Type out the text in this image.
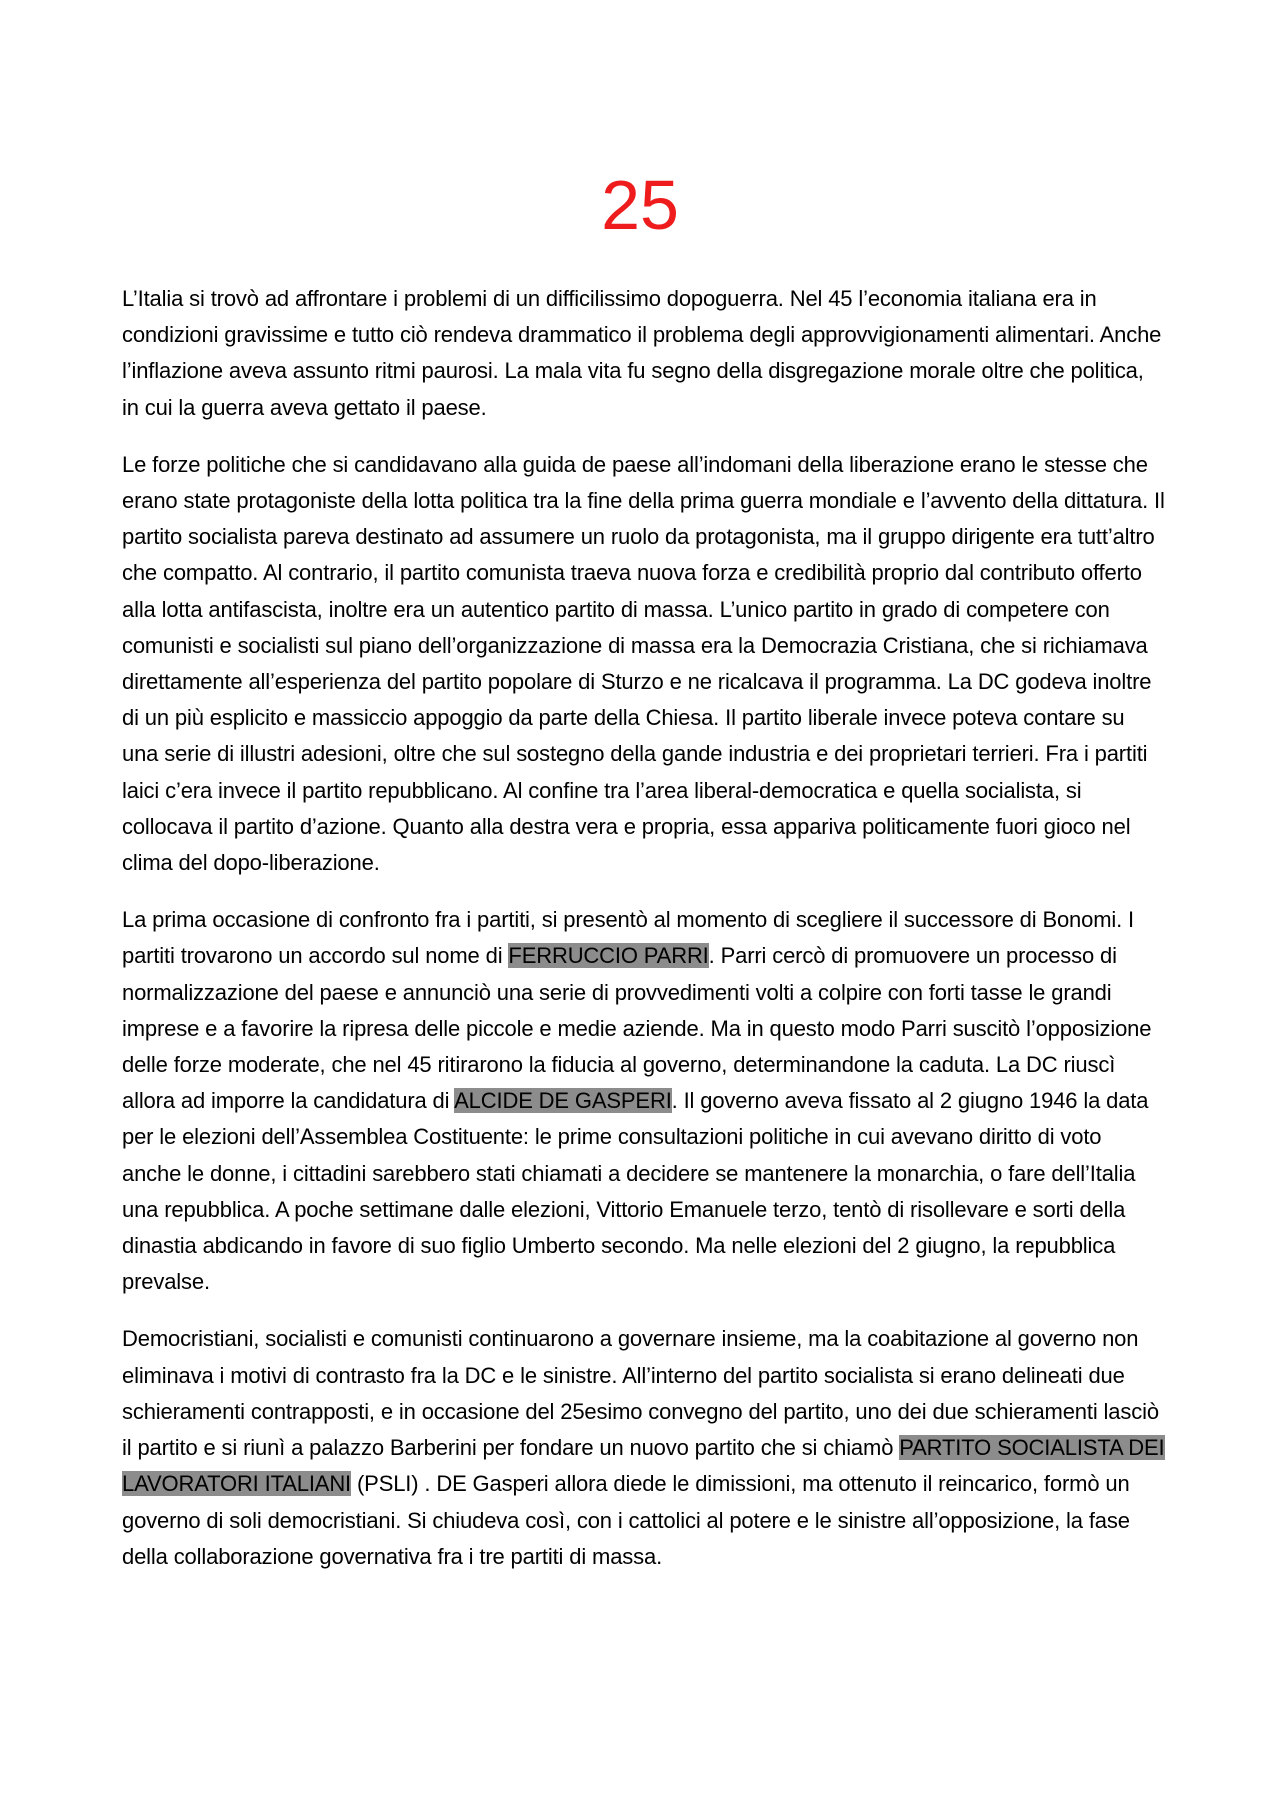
25

L’Italia si trovò ad affrontare i problemi di un difficilissimo dopoguerra. Nel 45 l’economia italiana era in condizioni gravissime e tutto ciò rendeva drammatico il problema degli approvvigionamenti alimentari. Anche l’inflazione aveva assunto ritmi paurosi. La mala vita fu segno della disgregazione morale oltre che politica, in cui la guerra aveva gettato il paese.

Le forze politiche che si candidavano alla guida de paese all’indomani della liberazione erano le stesse che erano state protagoniste della lotta politica tra la fine della prima guerra mondiale e l’avvento della dittatura. Il partito socialista pareva destinato ad assumere un ruolo da protagonista, ma il gruppo dirigente era tutt’altro che compatto. Al contrario, il partito comunista traeva nuova forza e credibilità proprio dal contributo offerto alla lotta antifascista, inoltre era un autentico partito di massa. L’unico partito in grado di competere con comunisti e socialisti sul piano dell’organizzazione di massa era la Democrazia Cristiana, che si richiamava direttamente all’esperienza del partito popolare di Sturzo e ne ricalcava il programma. La DC godeva inoltre di un più esplicito e massiccio appoggio da parte della Chiesa. Il partito liberale invece poteva contare su una serie di illustri adesioni, oltre che sul sostegno della gande industria e dei proprietari terrieri. Fra i partiti laici c’era invece il partito repubblicano. Al confine tra l’area liberal-democratica e quella socialista, si collocava il partito d’azione. Quanto alla destra vera e propria, essa appariva politicamente fuori gioco nel clima del dopo-liberazione.

La prima occasione di confronto fra i partiti, si presentò al momento di scegliere il successore di Bonomi. I partiti trovarono un accordo sul nome di FERRUCCIO PARRI. Parri cercò di promuovere un processo di normalizzazione del paese e annunciò una serie di provvedimenti volti a colpire con forti tasse le grandi imprese e a favorire la ripresa delle piccole e medie aziende. Ma in questo modo Parri suscitò l’opposizione delle forze moderate, che nel 45 ritirarono la fiducia al governo, determinandone la caduta. La DC riuscì allora ad imporre la candidatura di ALCIDE DE GASPERI. Il governo aveva fissato al 2 giugno 1946 la data per le elezioni dell’Assemblea Costituente: le prime consultazioni politiche in cui avevano diritto di voto anche le donne, i cittadini sarebbero stati chiamati a decidere se mantenere la monarchia, o fare dell’Italia una repubblica. A poche settimane dalle elezioni, Vittorio Emanuele terzo, tentò di risollevare e sorti della dinastia abdicando in favore di suo figlio Umberto secondo. Ma nelle elezioni del 2 giugno, la repubblica prevalse.

Democristiani, socialisti e comunisti continuarono a governare insieme, ma la coabitazione al governo non eliminava i motivi di contrasto fra la DC e le sinistre. All’interno del partito socialista si erano delineati due schieramenti contrapposti, e in occasione del 25esimo convegno del partito, uno dei due schieramenti lasciò il partito e si riunì a palazzo Barberini per fondare un nuovo partito che si chiamò PARTITO SOCIALISTA DEI LAVORATORI ITALIANI (PSLI) . DE Gasperi allora diede le dimissioni, ma ottenuto il reincarico, formò un governo di soli democristiani. Si chiudeva così, con i cattolici al potere e le sinistre all’opposizione, la fase della collaborazione governativa fra i tre partiti di massa.
